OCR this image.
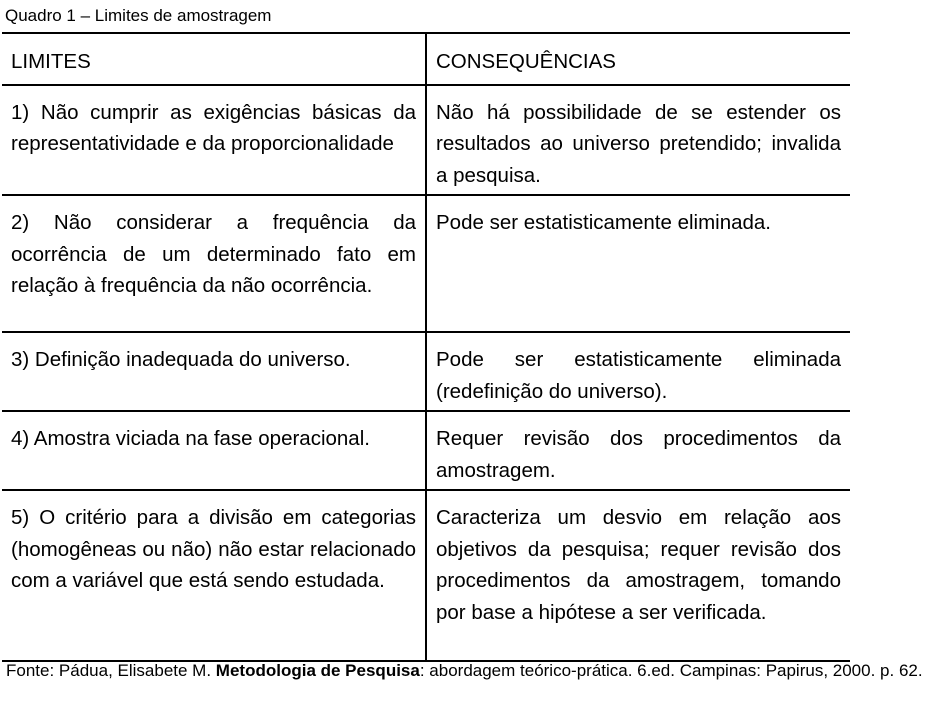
Quadro 1 – Limites de amostragem
LIMITES	CONSEQUÊNCIAS
1) Não cumprir as exigências básicas da representatividade e da proporcionalidade	Não há possibilidade de se estender os resultados ao universo pretendido; invalida a pesquisa.
2) Não considerar a frequência da ocorrência de um determinado fato em relação à frequência da não ocorrência.	Pode ser estatisticamente eliminada.
3) Definição inadequada do universo.	Pode ser estatisticamente eliminada (redefinição do universo).
4) Amostra viciada na fase operacional.	Requer revisão dos procedimentos da amostragem.
5) O critério para a divisão em categorias (homogêneas ou não) não estar relacionado com a variável que está sendo estudada.	Caracteriza um desvio em relação aos objetivos da pesquisa; requer revisão dos procedimentos da amostragem, tomando por base a hipótese a ser verificada.
Fonte: Pádua, Elisabete M. Metodologia de Pesquisa: abordagem teórico-prática. 6.ed. Campinas: Papirus, 2000. p. 62.
